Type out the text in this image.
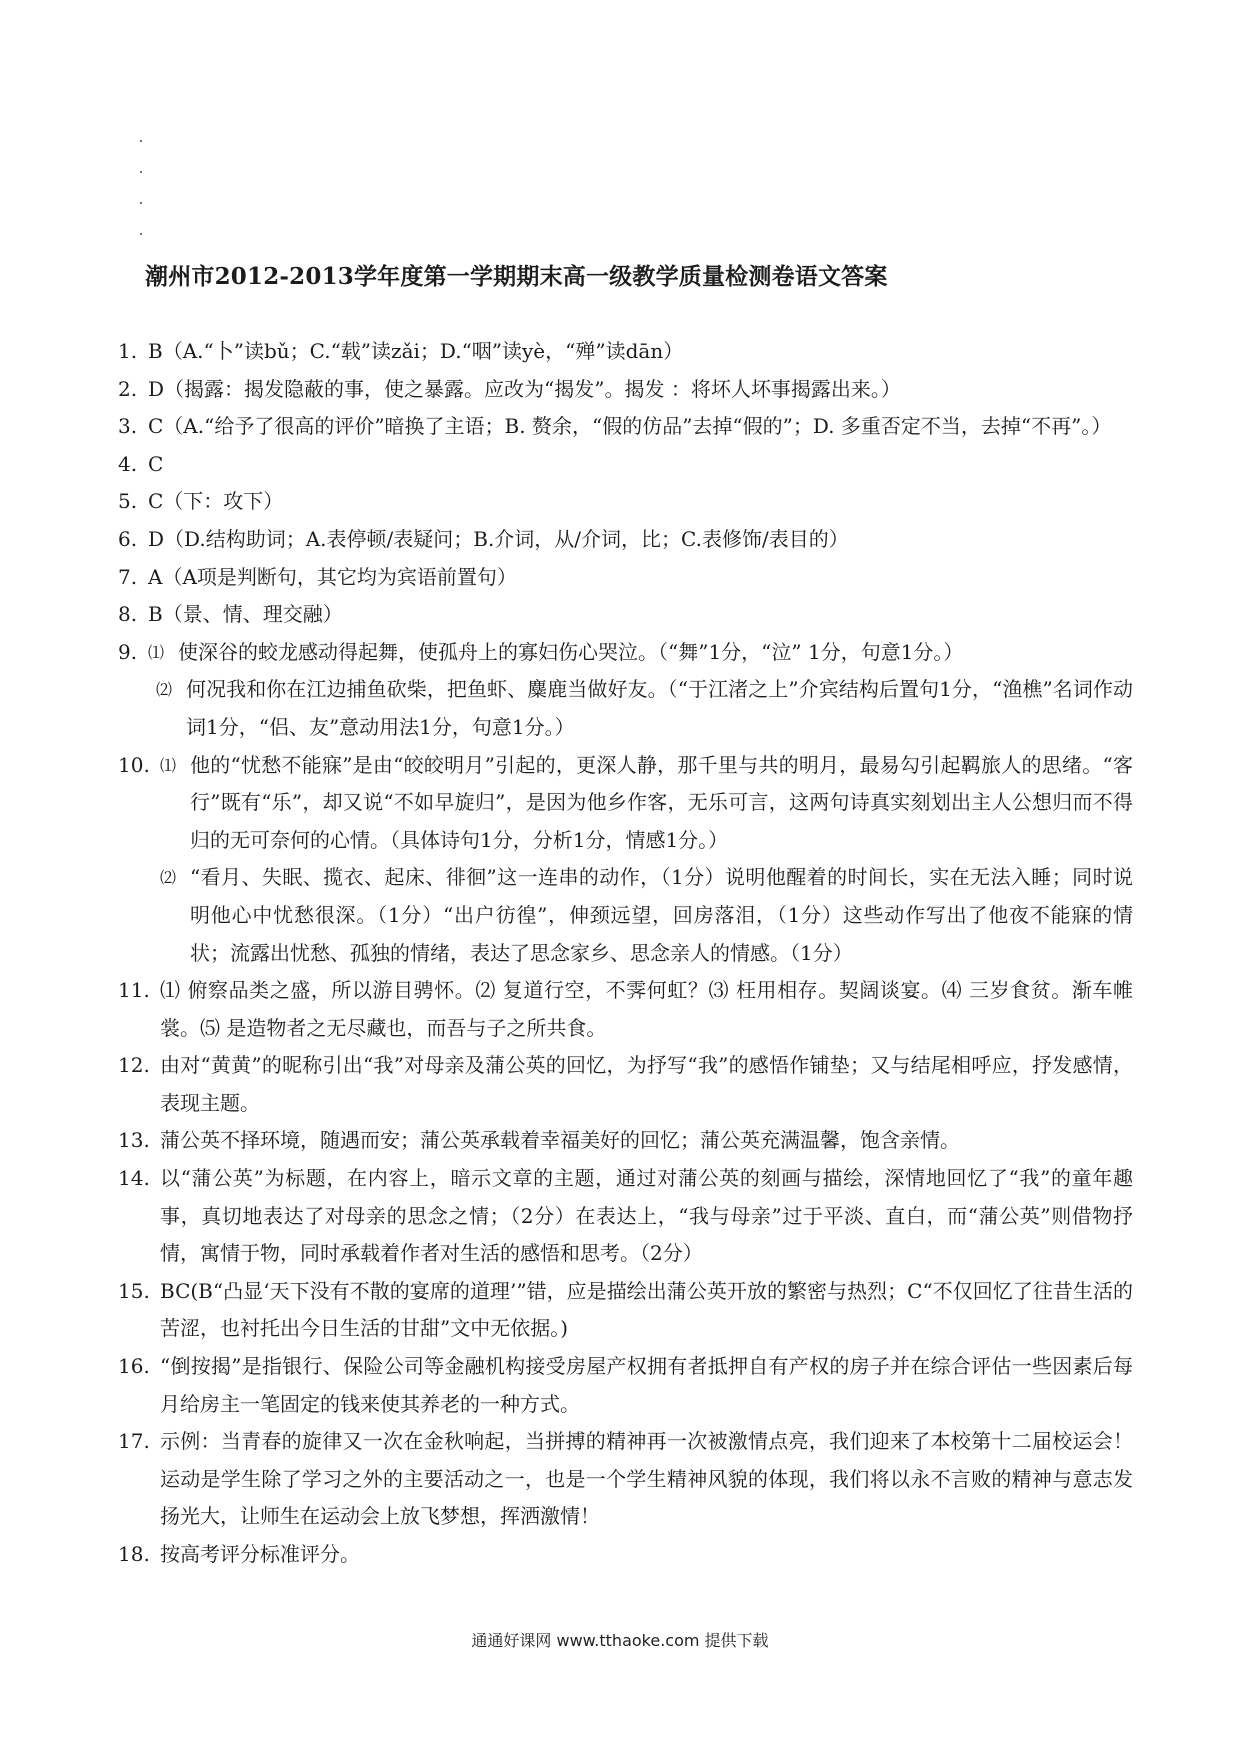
潮州市2012-2013学年度第一学期期末高一级教学质量检测卷语文答案
1. B（A.“卜”读bǔ；C.“载”读zǎi；D.“咽”读yè，“殚”读dān）
2. D（揭露：揭发隐蔽的事，使之暴露。应改为“揭发”。揭发 ：将坏人坏事揭露出来。）
3. C（A.“给予了很高的评价”暗换了主语；B. 赘余，“假的仿品”去掉“假的”；D. 多重否定不当，去掉“不再”。）
4. C
5. C（下：攻下）
6. D（D.结构助词；A.表停顿/表疑问；B.介词，从/介词，比；C.表修饰/表目的）
7. A（A项是判断句，其它均为宾语前置句）
8. B（景、情、理交融）
9. ⑴ 使深谷的蛟龙感动得起舞，使孤舟上的寡妇伤心哭泣。（“舞”1分，“泣” 1分，句意1分。）
⑵ 何况我和你在江边捕鱼砍柴，把鱼虾、麋鹿当做好友。（“于江渚之上”介宾结构后置句1分，“渔樵”名词作动词1分，“侣、友”意动用法1分，句意1分。）
10. ⑴ 他的“忧愁不能寐”是由“皎皎明月”引起的，更深人静，那千里与共的明月，最易勾引起羁旅人的思绪。“客行”既有“乐”，却又说“不如早旋归”，是因为他乡作客，无乐可言，这两句诗真实刻划出主人公想归而不得归的无可奈何的心情。（具体诗句1分，分析1分，情感1分。）
⑵ “看月、失眠、揽衣、起床、徘徊”这一连串的动作，（1分）说明他醒着的时间长，实在无法入睡；同时说明他心中忧愁很深。（1分）“出户彷徨”，伸颈远望，回房落泪，（1分）这些动作写出了他夜不能寐的情状；流露出忧愁、孤独的情绪，表达了思念家乡、思念亲人的情感。（1分）
11. ⑴ 俯察品类之盛，所以游目骋怀。⑵ 复道行空，不霁何虹？⑶ 枉用相存。契阔谈宴。⑷ 三岁食贫。渐车帷裳。⑸ 是造物者之无尽藏也，而吾与子之所共食。
12. 由对“黄黄”的昵称引出“我”对母亲及蒲公英的回忆，为抒写“我”的感悟作铺垫；又与结尾相呼应，抒发感情，表现主题。
13. 蒲公英不择环境，随遇而安；蒲公英承载着幸福美好的回忆；蒲公英充满温馨，饱含亲情。
14. 以“蒲公英”为标题，在内容上，暗示文章的主题，通过对蒲公英的刻画与描绘，深情地回忆了“我”的童年趣事，真切地表达了对母亲的思念之情；（2分）在表达上，“我与母亲”过于平淡、直白，而“蒲公英”则借物抒情，寓情于物，同时承载着作者对生活的感悟和思考。（2分）
15. BC(B“凸显‘天下没有不散的宴席的道理’”错，应是描绘出蒲公英开放的繁密与热烈；C“不仅回忆了往昔生活的苦涩，也衬托出今日生活的甘甜”文中无依据。)
16. “倒按揭”是指银行、保险公司等金融机构接受房屋产权拥有者抵押自有产权的房子并在综合评估一些因素后每月给房主一笔固定的钱来使其养老的一种方式。
17. 示例：当青春的旋律又一次在金秋响起，当拼搏的精神再一次被激情点亮，我们迎来了本校第十二届校运会！运动是学生除了学习之外的主要活动之一，也是一个学生精神风貌的体现，我们将以永不言败的精神与意志发扬光大，让师生在运动会上放飞梦想，挥洒激情！
18. 按高考评分标准评分。
通通好课网 www.tthaoke.com 提供下载
